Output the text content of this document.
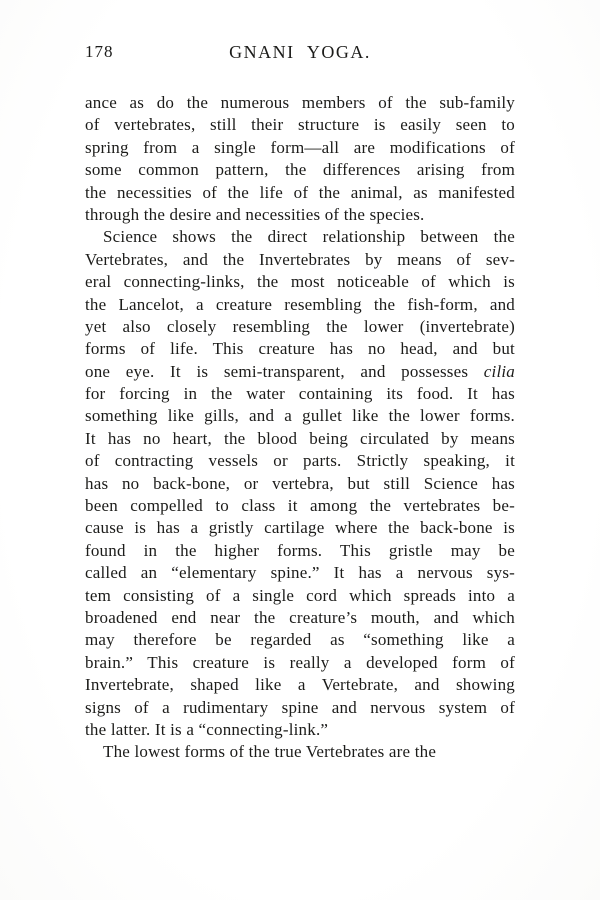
178	GNANI YOGA.
ance as do the numerous members of the sub-family
of vertebrates, still their structure is easily seen to
spring from a single form—all are modifications of
some common pattern, the differences arising from
the necessities of the life of the animal, as manifested
through the desire and necessities of the species.
Science shows the direct relationship between the
Vertebrates, and the Invertebrates by means of sev-
eral connecting-links, the most noticeable of which is
the Lancelot, a creature resembling the fish-form, and
yet also closely resembling the lower (invertebrate)
forms of life. This creature has no head, and but
one eye. It is semi-transparent, and possesses cilia
for forcing in the water containing its food. It has
something like gills, and a gullet like the lower forms.
It has no heart, the blood being circulated by means
of contracting vessels or parts. Strictly speaking, it
has no back-bone, or vertebra, but still Science has
been compelled to class it among the vertebrates be-
cause is has a gristly cartilage where the back-bone is
found in the higher forms. This gristle may be
called an “elementary spine.” It has a nervous sys-
tem consisting of a single cord which spreads into a
broadened end near the creature’s mouth, and which
may therefore be regarded as “something like a
brain.” This creature is really a developed form of
Invertebrate, shaped like a Vertebrate, and showing
signs of a rudimentary spine and nervous system of
the latter. It is a “connecting-link.”
The lowest forms of the true Vertebrates are the
